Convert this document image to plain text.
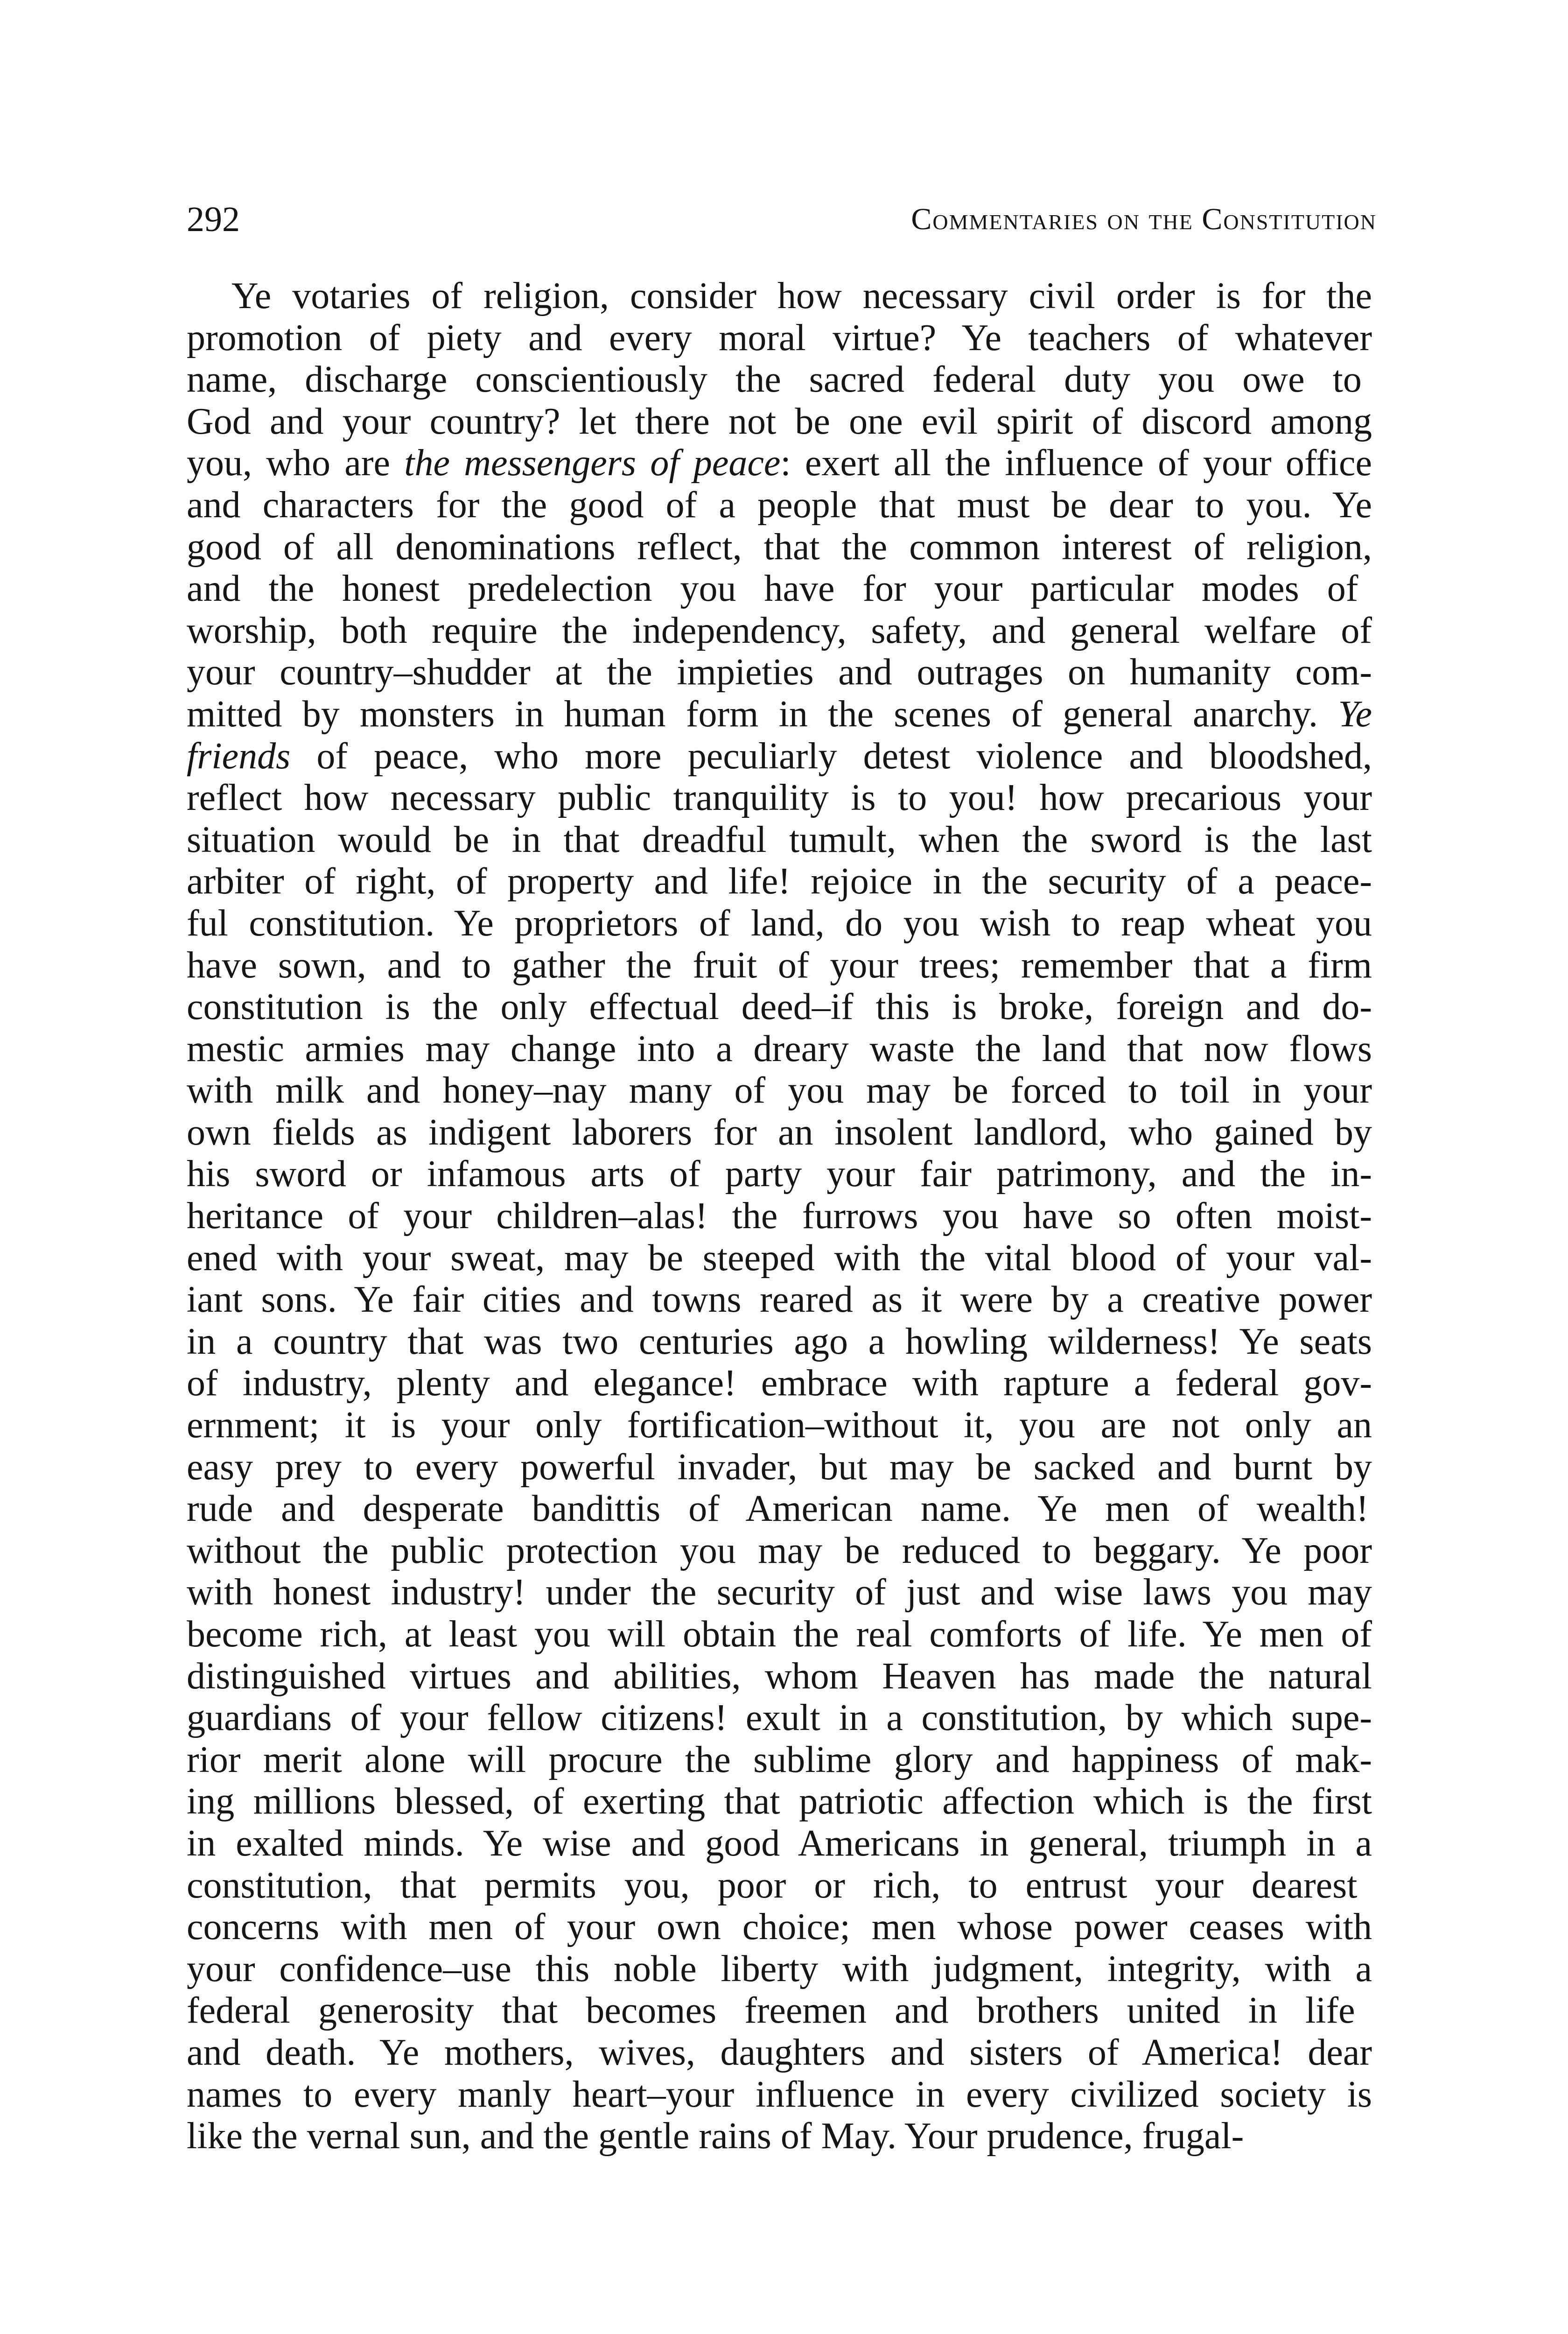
292	Commentaries on the Constitution
Ye votaries of religion, consider how necessary civil order is for the
promotion of piety and every moral virtue? Ye teachers of whatever
name, discharge conscientiously the sacred federal duty you owe to
God and your country? let there not be one evil spirit of discord among
you, who are the messengers of peace: exert all the influence of your office
and characters for the good of a people that must be dear to you. Ye
good of all denominations reflect, that the common interest of religion,
and the honest predelection you have for your particular modes of
worship, both require the independency, safety, and general welfare of
your country–shudder at the impieties and outrages on humanity com-
mitted by monsters in human form in the scenes of general anarchy. Ye
friends of peace, who more peculiarly detest violence and bloodshed,
reflect how necessary public tranquility is to you! how precarious your
situation would be in that dreadful tumult, when the sword is the last
arbiter of right, of property and life! rejoice in the security of a peace-
ful constitution. Ye proprietors of land, do you wish to reap wheat you
have sown, and to gather the fruit of your trees; remember that a firm
constitution is the only effectual deed–if this is broke, foreign and do-
mestic armies may change into a dreary waste the land that now flows
with milk and honey–nay many of you may be forced to toil in your
own fields as indigent laborers for an insolent landlord, who gained by
his sword or infamous arts of party your fair patrimony, and the in-
heritance of your children–alas! the furrows you have so often moist-
ened with your sweat, may be steeped with the vital blood of your val-
iant sons. Ye fair cities and towns reared as it were by a creative power
in a country that was two centuries ago a howling wilderness! Ye seats
of industry, plenty and elegance! embrace with rapture a federal gov-
ernment; it is your only fortification–without it, you are not only an
easy prey to every powerful invader, but may be sacked and burnt by
rude and desperate bandittis of American name. Ye men of wealth!
without the public protection you may be reduced to beggary. Ye poor
with honest industry! under the security of just and wise laws you may
become rich, at least you will obtain the real comforts of life. Ye men of
distinguished virtues and abilities, whom Heaven has made the natural
guardians of your fellow citizens! exult in a constitution, by which supe-
rior merit alone will procure the sublime glory and happiness of mak-
ing millions blessed, of exerting that patriotic affection which is the first
in exalted minds. Ye wise and good Americans in general, triumph in a
constitution, that permits you, poor or rich, to entrust your dearest
concerns with men of your own choice; men whose power ceases with
your confidence–use this noble liberty with judgment, integrity, with a
federal generosity that becomes freemen and brothers united in life
and death. Ye mothers, wives, daughters and sisters of America! dear
names to every manly heart–your influence in every civilized society is
like the vernal sun, and the gentle rains of May. Your prudence, frugal-
